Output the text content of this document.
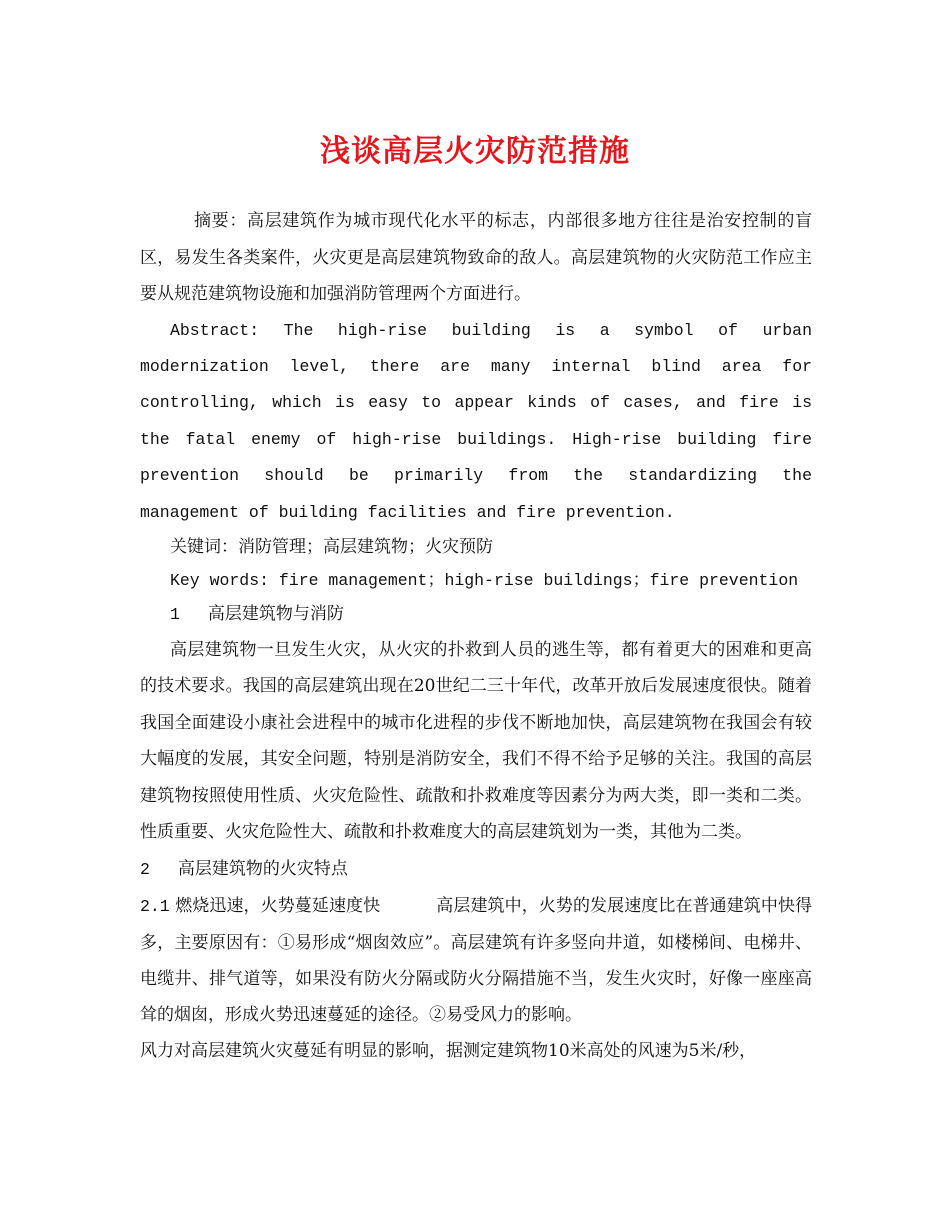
浅谈高层火灾防范措施

摘要：高层建筑作为城市现代化水平的标志，内部很多地方往往是治安控制的盲区，易发生各类案件，火灾更是高层建筑物致命的敌人。高层建筑物的火灾防范工作应主要从规范建筑物设施和加强消防管理两个方面进行。

Abstract: The high-rise building is a symbol of urban modernization level, there are many internal blind area for controlling, which is easy to appear kinds of cases, and fire is the fatal enemy of high-rise buildings. High-rise building fire prevention should be primarily from the standardizing the management of building facilities and fire prevention.

关键词：消防管理；高层建筑物；火灾预防

Key words: fire management；high-rise buildings；fire prevention

1 高层建筑物与消防

高层建筑物一旦发生火灾，从火灾的扑救到人员的逃生等，都有着更大的困难和更高的技术要求。我国的高层建筑出现在20世纪二三十年代，改革开放后发展速度很快。随着我国全面建设小康社会进程中的城市化进程的步伐不断地加快，高层建筑物在我国会有较大幅度的发展，其安全问题，特别是消防安全，我们不得不给予足够的关注。我国的高层建筑物按照使用性质、火灾危险性、疏散和扑救难度等因素分为两大类，即一类和二类。性质重要、火灾危险性大、疏散和扑救难度大的高层建筑划为一类，其他为二类。

2 高层建筑物的火灾特点

2.1 燃烧迅速，火势蔓延速度快	高层建筑中，火势的发展速度比在普通建筑中快得多，主要原因有：①易形成“烟囱效应”。高层建筑有许多竖向井道，如楼梯间、电梯井、电缆井、排气道等，如果没有防火分隔或防火分隔措施不当，发生火灾时，好像一座座高耸的烟囱，形成火势迅速蔓延的途径。②易受风力的影响。

风力对高层建筑火灾蔓延有明显的影响，据测定建筑物10米高处的风速为5米/秒，
